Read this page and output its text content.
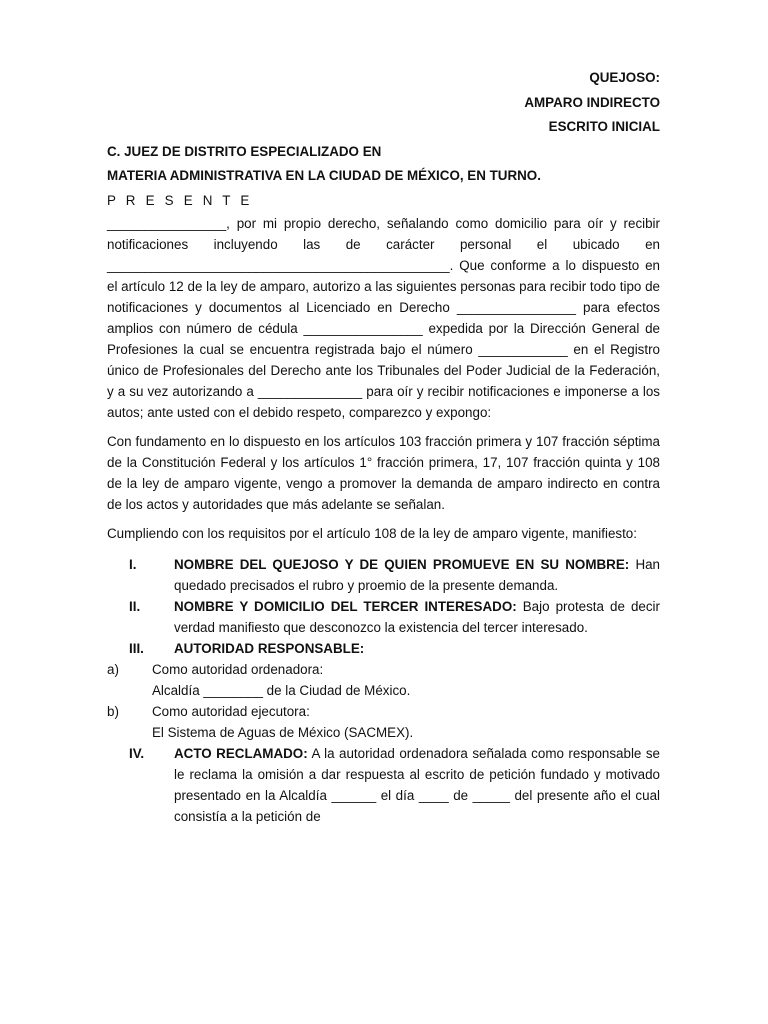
QUEJOSO:
AMPARO INDIRECTO
ESCRITO INICIAL
C. JUEZ DE DISTRITO ESPECIALIZADO EN
MATERIA ADMINISTRATIVA EN LA CIUDAD DE MÉXICO, EN TURNO.
P R E S E N T E

________________, por mi propio derecho, señalando como domicilio para oír y recibir notificaciones incluyendo las de carácter personal el ubicado en ______________________________________________. Que conforme a lo dispuesto en el artículo 12 de la ley de amparo, autorizo a las siguientes personas para recibir todo tipo de notificaciones y documentos al Licenciado en Derecho ________________ para efectos amplios con número de cédula ________________ expedida por la Dirección General de Profesiones la cual se encuentra registrada bajo el número ____________ en el Registro único de Profesionales del Derecho ante los Tribunales del Poder Judicial de la Federación, y a su vez autorizando a ______________ para oír y recibir notificaciones e imponerse a los autos; ante usted con el debido respeto, comparezco y expongo:

Con fundamento en lo dispuesto en los artículos 103 fracción primera y 107 fracción séptima de la Constitución Federal y los artículos 1° fracción primera, 17, 107 fracción quinta y 108 de la ley de amparo vigente, vengo a promover la demanda de amparo indirecto en contra de los actos y autoridades que más adelante se señalan.

Cumpliendo con los requisitos por el artículo 108 de la ley de amparo vigente, manifiesto:

I.	NOMBRE DEL QUEJOSO Y DE QUIEN PROMUEVE EN SU NOMBRE: Han quedado precisados el rubro y proemio de la presente demanda.
II.	NOMBRE Y DOMICILIO DEL TERCER INTERESADO: Bajo protesta de decir verdad manifiesto que desconozco la existencia del tercer interesado.
III. AUTORIDAD RESPONSABLE:
a) Como autoridad ordenadora:
Alcaldía ________ de la Ciudad de México.
b) Como autoridad ejecutora:
El Sistema de Aguas de México (SACMEX).
IV. ACTO RECLAMADO: A la autoridad ordenadora señalada como responsable se le reclama la omisión a dar respuesta al escrito de petición fundado y motivado presentado en la Alcaldía ______ el día ____ de _____ del presente año el cual consistía a la petición de
